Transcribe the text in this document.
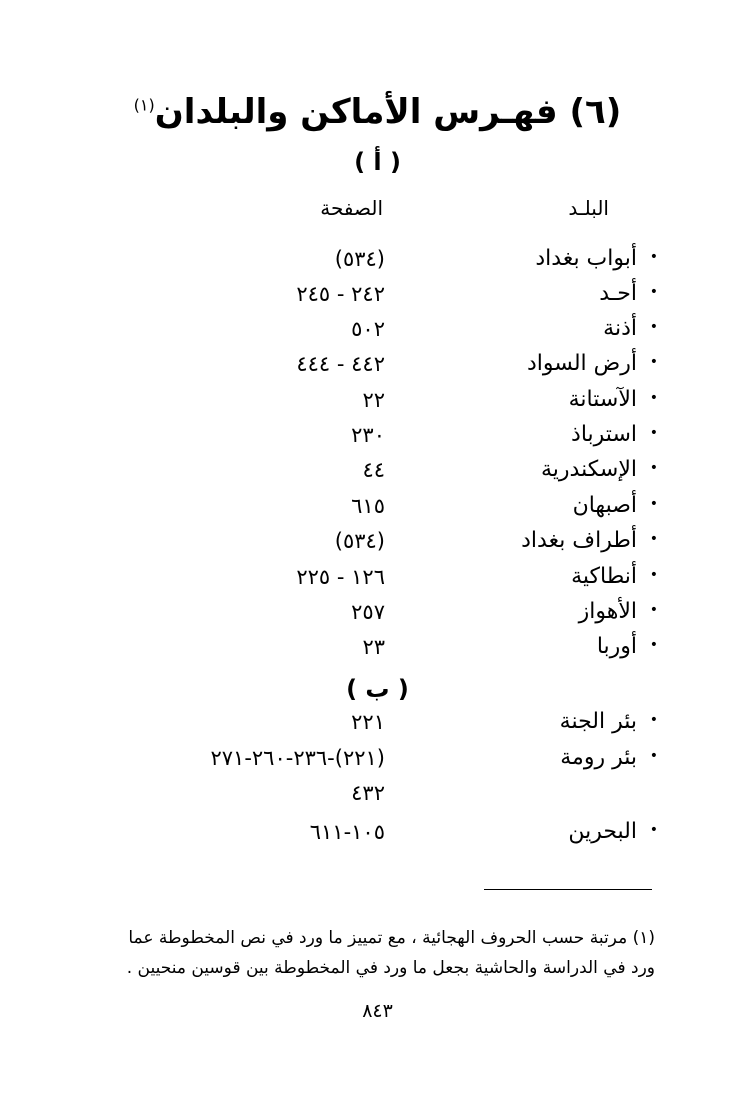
(٦) فهـرس الأماكن والبلدان$^{(١)}$
( أ )
البلـد
الصفحة
•
أبواب بغداد
(٥٣٤)
•
أحـد
٢٤٢ - ٢٤٥
•
أذنة
٥٠٢
•
أرض السواد
٤٤٢ - ٤٤٤
•
الآستانة
٢٢
•
استرباذ
٢٣٠
•
الإسكندرية
٤٤
•
أصبهان
٦١٥
•
أطراف بغداد
(٥٣٤)
•
أنطاكية
١٢٦ - ٢٢٥
•
الأهواز
٢٥٧
•
أوربا
٢٣
( ب )
•
بئر الجنة
٢٢١
•
بئر رومة
(٢٢١)-٢٣٦-٢٦٠-٢٧١
٤٣٢
•
البحرين
١٠٥-٦١١
(١) مرتبة حسب الحروف الهجائية ، مع تمييز ما ورد في نص المخطوطة عما
ورد في الدراسة والحاشية بجعل ما ورد في المخطوطة بين قوسين منحيين .
٨٤٣
